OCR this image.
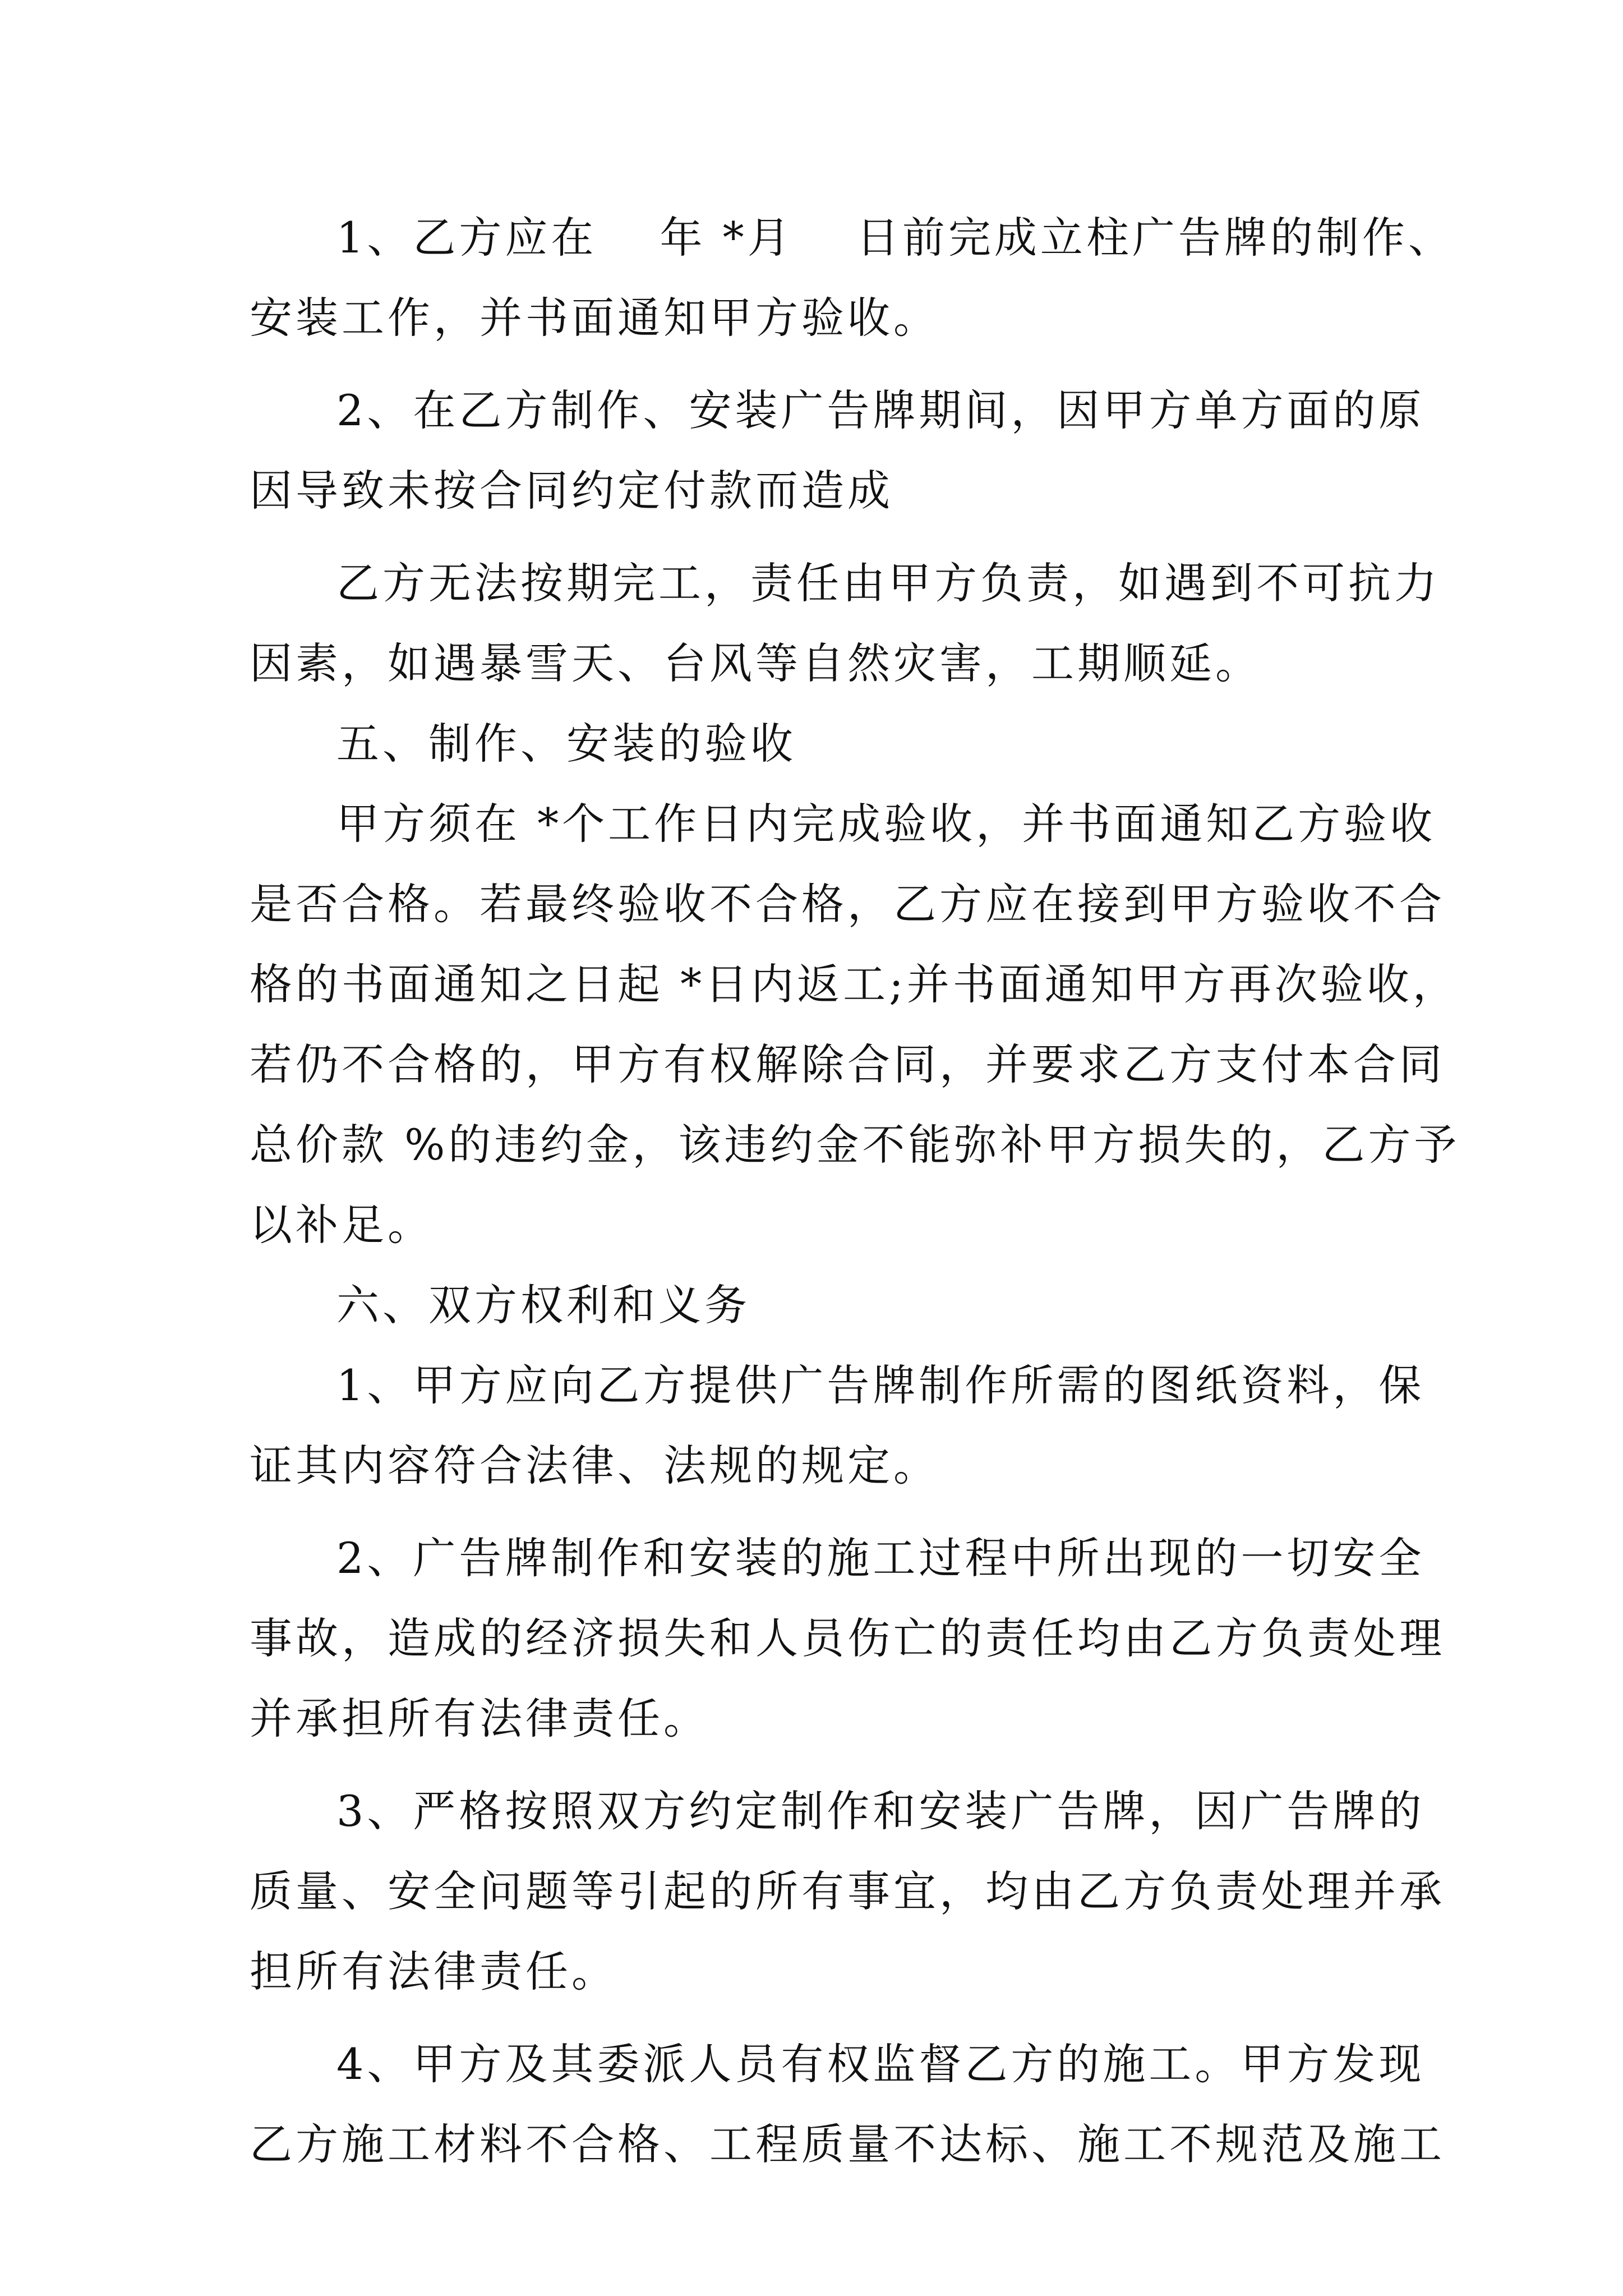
1、乙方应在　 年 *月　 日前完成立柱广告牌的制作、
安装工作，并书面通知甲方验收。

2、在乙方制作、安装广告牌期间，因甲方单方面的原
因导致未按合同约定付款而造成

乙方无法按期完工，责任由甲方负责，如遇到不可抗力
因素，如遇暴雪天、台风等自然灾害，工期顺延。

五、制作、安装的验收

甲方须在 *个工作日内完成验收，并书面通知乙方验收
是否合格。若最终验收不合格，乙方应在接到甲方验收不合
格的书面通知之日起 *日内返工;并书面通知甲方再次验收，
若仍不合格的，甲方有权解除合同，并要求乙方支付本合同
总价款 %的违约金，该违约金不能弥补甲方损失的，乙方予
以补足。

六、双方权利和义务

1、甲方应向乙方提供广告牌制作所需的图纸资料，保
证其内容符合法律、法规的规定。

2、广告牌制作和安装的施工过程中所出现的一切安全
事故，造成的经济损失和人员伤亡的责任均由乙方负责处理
并承担所有法律责任。

3、严格按照双方约定制作和安装广告牌，因广告牌的
质量、安全问题等引起的所有事宜，均由乙方负责处理并承
担所有法律责任。

4、甲方及其委派人员有权监督乙方的施工。甲方发现
乙方施工材料不合格、工程质量不达标、施工不规范及施工
